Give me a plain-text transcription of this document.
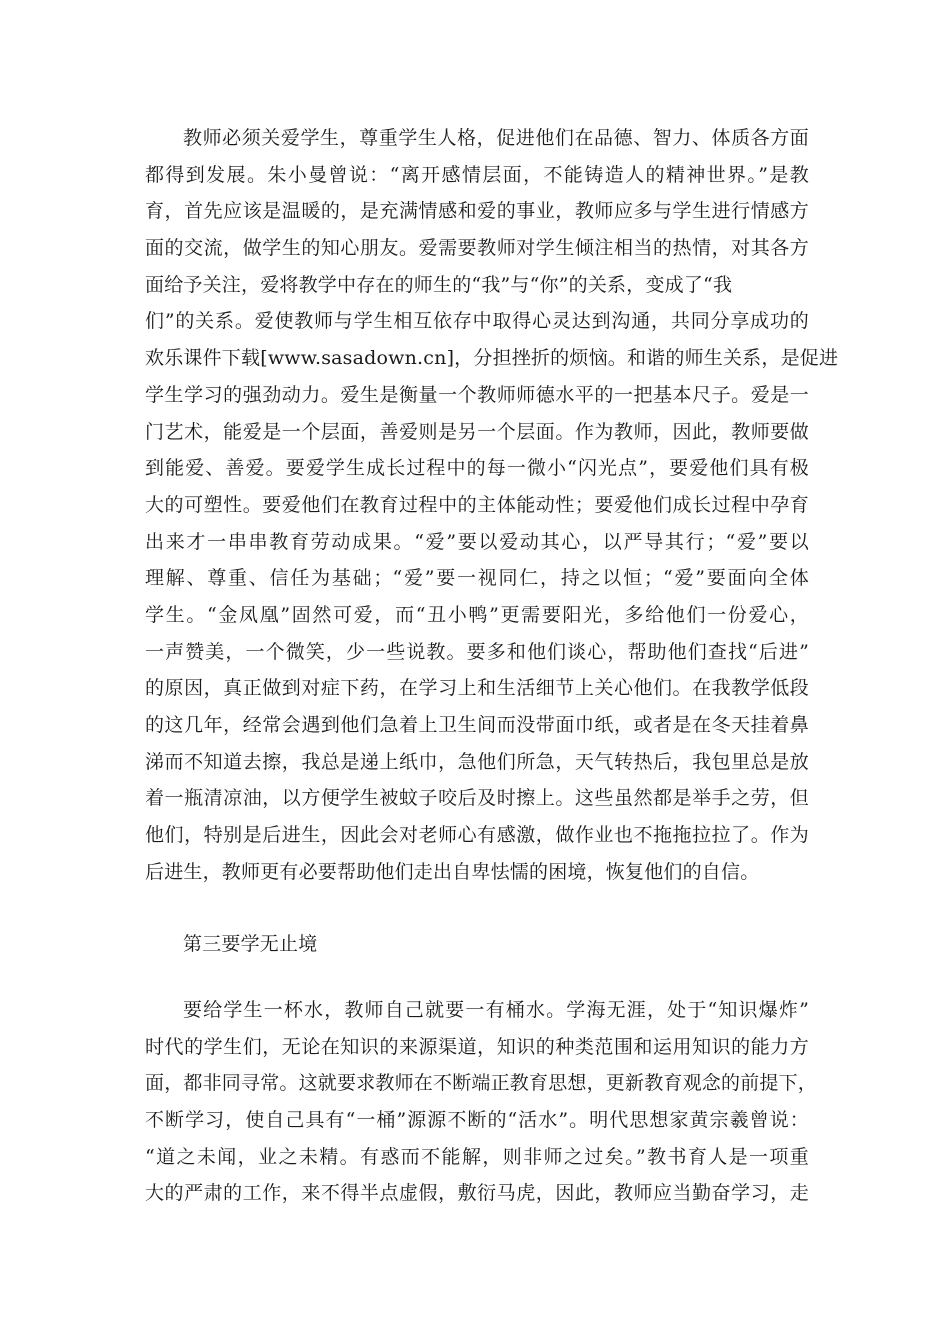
教师必须关爱学生，尊重学生人格，促进他们在品德、智力、体质各方面
都得到发展。朱小曼曾说：“离开感情层面，不能铸造人的精神世界。”是教
育，首先应该是温暖的，是充满情感和爱的事业，教师应多与学生进行情感方
面的交流，做学生的知心朋友。爱需要教师对学生倾注相当的热情，对其各方
面给予关注，爱将教学中存在的师生的“我”与“你”的关系，变成了“我
们”的关系。爱使教师与学生相互依存中取得心灵达到沟通，共同分享成功的
欢乐课件下载[www.sasadown.cn]，分担挫折的烦恼。和谐的师生关系，是促进
学生学习的强劲动力。爱生是衡量一个教师师德水平的一把基本尺子。爱是一
门艺术，能爱是一个层面，善爱则是另一个层面。作为教师，因此，教师要做
到能爱、善爱。要爱学生成长过程中的每一微小“闪光点”，要爱他们具有极
大的可塑性。要爱他们在教育过程中的主体能动性；要爱他们成长过程中孕育
出来才一串串教育劳动成果。“爱”要以爱动其心，以严导其行；“爱”要以
理解、尊重、信任为基础；“爱”要一视同仁，持之以恒；“爱”要面向全体
学生。“金凤凰”固然可爱，而“丑小鸭”更需要阳光，多给他们一份爱心，
一声赞美，一个微笑，少一些说教。要多和他们谈心，帮助他们查找“后进”
的原因，真正做到对症下药，在学习上和生活细节上关心他们。在我教学低段
的这几年，经常会遇到他们急着上卫生间而没带面巾纸，或者是在冬天挂着鼻
涕而不知道去擦，我总是递上纸巾，急他们所急，天气转热后，我包里总是放
着一瓶清凉油，以方便学生被蚊子咬后及时擦上。这些虽然都是举手之劳，但
他们，特别是后进生，因此会对老师心有感激，做作业也不拖拖拉拉了。作为
后进生，教师更有必要帮助他们走出自卑怯懦的困境，恢复他们的自信。
第三要学无止境
要给学生一杯水，教师自己就要一有桶水。学海无涯，处于“知识爆炸”
时代的学生们，无论在知识的来源渠道，知识的种类范围和运用知识的能力方
面，都非同寻常。这就要求教师在不断端正教育思想，更新教育观念的前提下，
不断学习，使自己具有“一桶”源源不断的“活水”。明代思想家黄宗羲曾说：
“道之未闻，业之未精。有惑而不能解，则非师之过矣。”教书育人是一项重
大的严肃的工作，来不得半点虚假，敷衍马虎，因此，教师应当勤奋学习，走
